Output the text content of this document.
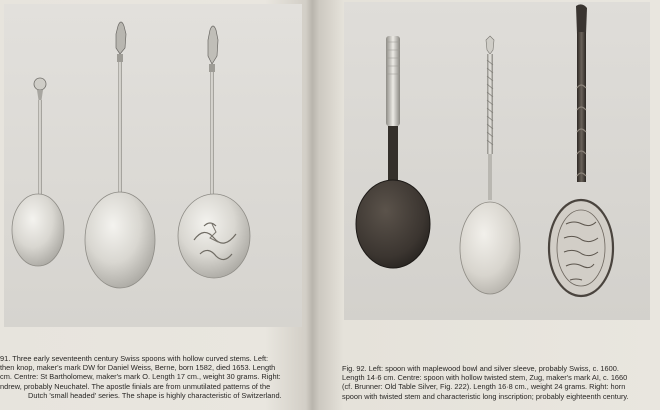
91. Three early seventeenth century Swiss spoons with hollow curved stems. Left:
then knop, maker's mark DW for Daniel Weiss, Berne, born 1582, died 1653. Length
cm. Centre: St Bartholomew, maker's mark O. Length 17 cm., weight 30 grams. Right:
ndrew, probably Neuchatel. The apostle finials are from unmutilated patterns of the
Dutch 'small headed' series. The shape is highly characteristic of Switzerland.
Fig. 92. Left: spoon with maplewood bowl and silver sleeve, probably Swiss, c. 1600.
Length 14·6 cm. Centre: spoon with hollow twisted stem, Zug, maker's mark AI, c. 1660
(cf. Brunner: Old Table Silver, Fig. 222). Length 16·8 cm., weight 24 grams. Right: horn
spoon with twisted stem and characteristic long inscription; probably eighteenth century.
